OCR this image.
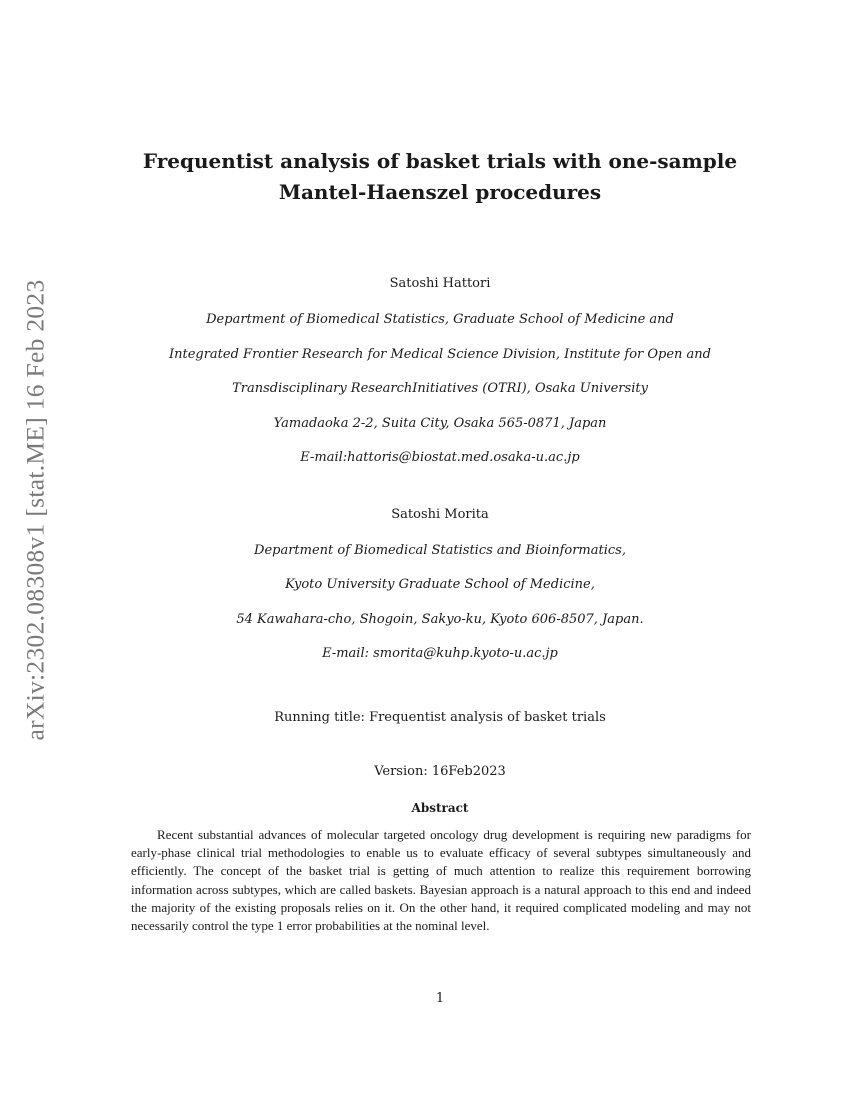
arXiv:2302.08308v1 [stat.ME] 16 Feb 2023
Frequentist analysis of basket trials with one-sample
Mantel-Haenszel procedures
Satoshi Hattori
Department of Biomedical Statistics, Graduate School of Medicine and
Integrated Frontier Research for Medical Science Division, Institute for Open and
Transdisciplinary ResearchInitiatives (OTRI), Osaka University
Yamadaoka 2-2, Suita City, Osaka 565-0871, Japan
E-mail:hattoris@biostat.med.osaka-u.ac.jp
Satoshi Morita
Department of Biomedical Statistics and Bioinformatics,
Kyoto University Graduate School of Medicine,
54 Kawahara-cho, Shogoin, Sakyo-ku, Kyoto 606-8507, Japan.
E-mail: smorita@kuhp.kyoto-u.ac.jp
Running title: Frequentist analysis of basket trials
Version: 16Feb2023
Abstract

Recent substantial advances of molecular targeted oncology drug development is requiring new paradigms for early-phase clinical trial methodologies to enable us to evaluate efficacy of several subtypes simultaneously and efficiently. The concept of the basket trial is getting of much attention to realize this requirement borrowing information across subtypes, which are called baskets. Bayesian approach is a natural approach to this end and indeed the majority of the existing proposals relies on it. On the other hand, it required complicated modeling and may not necessarily control the type 1 error probabilities at the nominal level.

1
